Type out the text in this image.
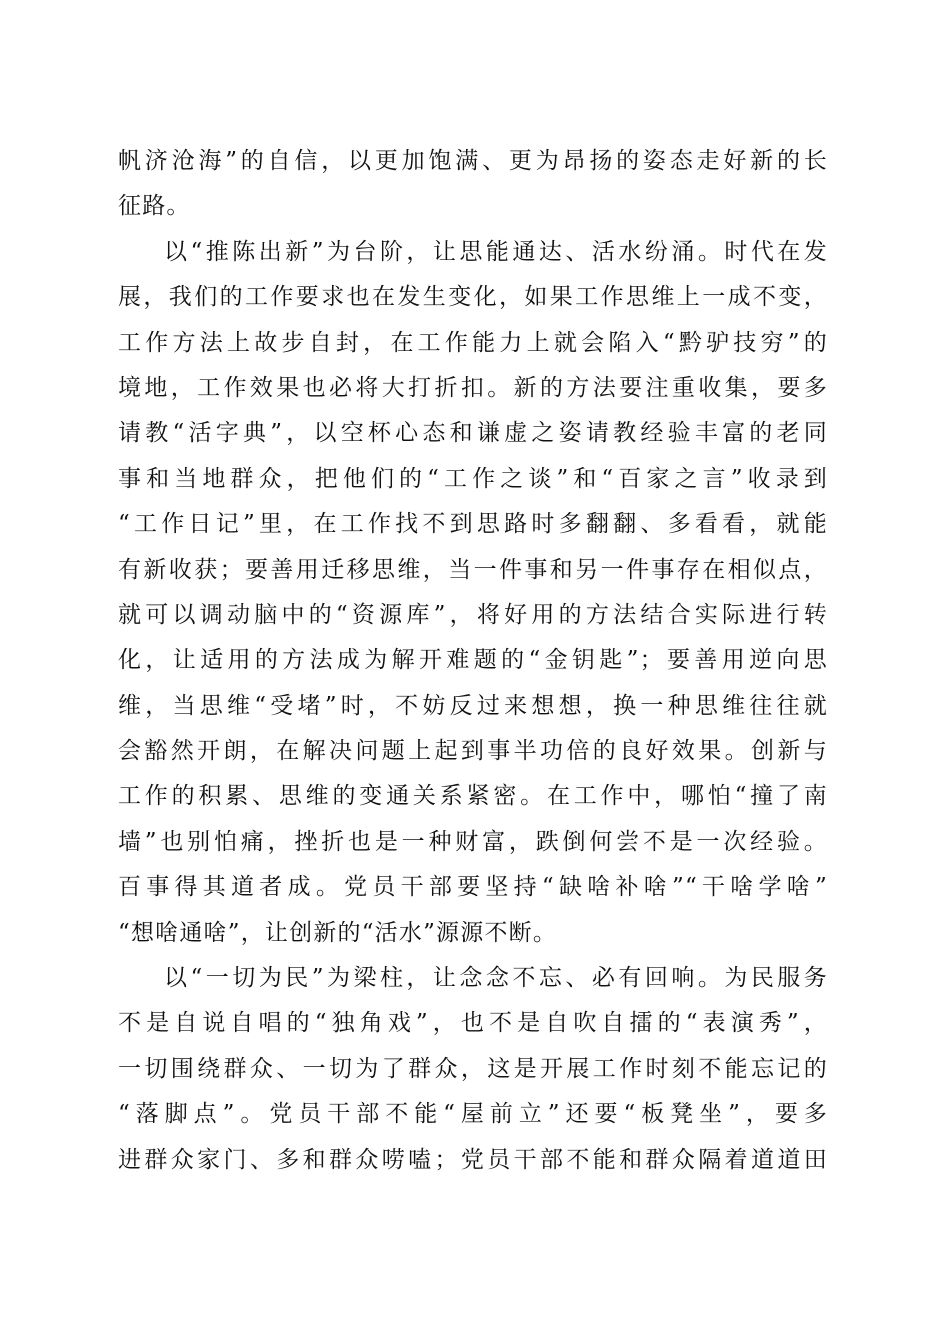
帆济沧海”的自信，以更加饱满、更为昂扬的姿态走好新的长
征路。
以“推陈出新”为台阶，让思能通达、活水纷涌。时代在发
展，我们的工作要求也在发生变化，如果工作思维上一成不变，
工作方法上故步自封，在工作能力上就会陷入“黔驴技穷”的
境地，工作效果也必将大打折扣。新的方法要注重收集，要多
请教“活字典”，以空杯心态和谦虚之姿请教经验丰富的老同
事和当地群众，把他们的“工作之谈”和“百家之言”收录到
“工作日记”里，在工作找不到思路时多翻翻、多看看，就能
有新收获；要善用迁移思维，当一件事和另一件事存在相似点，
就可以调动脑中的“资源库”，将好用的方法结合实际进行转
化，让适用的方法成为解开难题的“金钥匙”；要善用逆向思
维，当思维“受堵”时，不妨反过来想想，换一种思维往往就
会豁然开朗，在解决问题上起到事半功倍的良好效果。创新与
工作的积累、思维的变通关系紧密。在工作中，哪怕“撞了南
墙”也别怕痛，挫折也是一种财富，跌倒何尝不是一次经验。
百事得其道者成。党员干部要坚持“缺啥补啥”“干啥学啥”
“想啥通啥”，让创新的“活水”源源不断。
以“一切为民”为梁柱，让念念不忘、必有回响。为民服务
不是自说自唱的“独角戏”，也不是自吹自擂的“表演秀”，
一切围绕群众、一切为了群众，这是开展工作时刻不能忘记的
“落脚点”。党员干部不能“屋前立”还要“板凳坐”，要多
进群众家门、多和群众唠嗑；党员干部不能和群众隔着道道田
